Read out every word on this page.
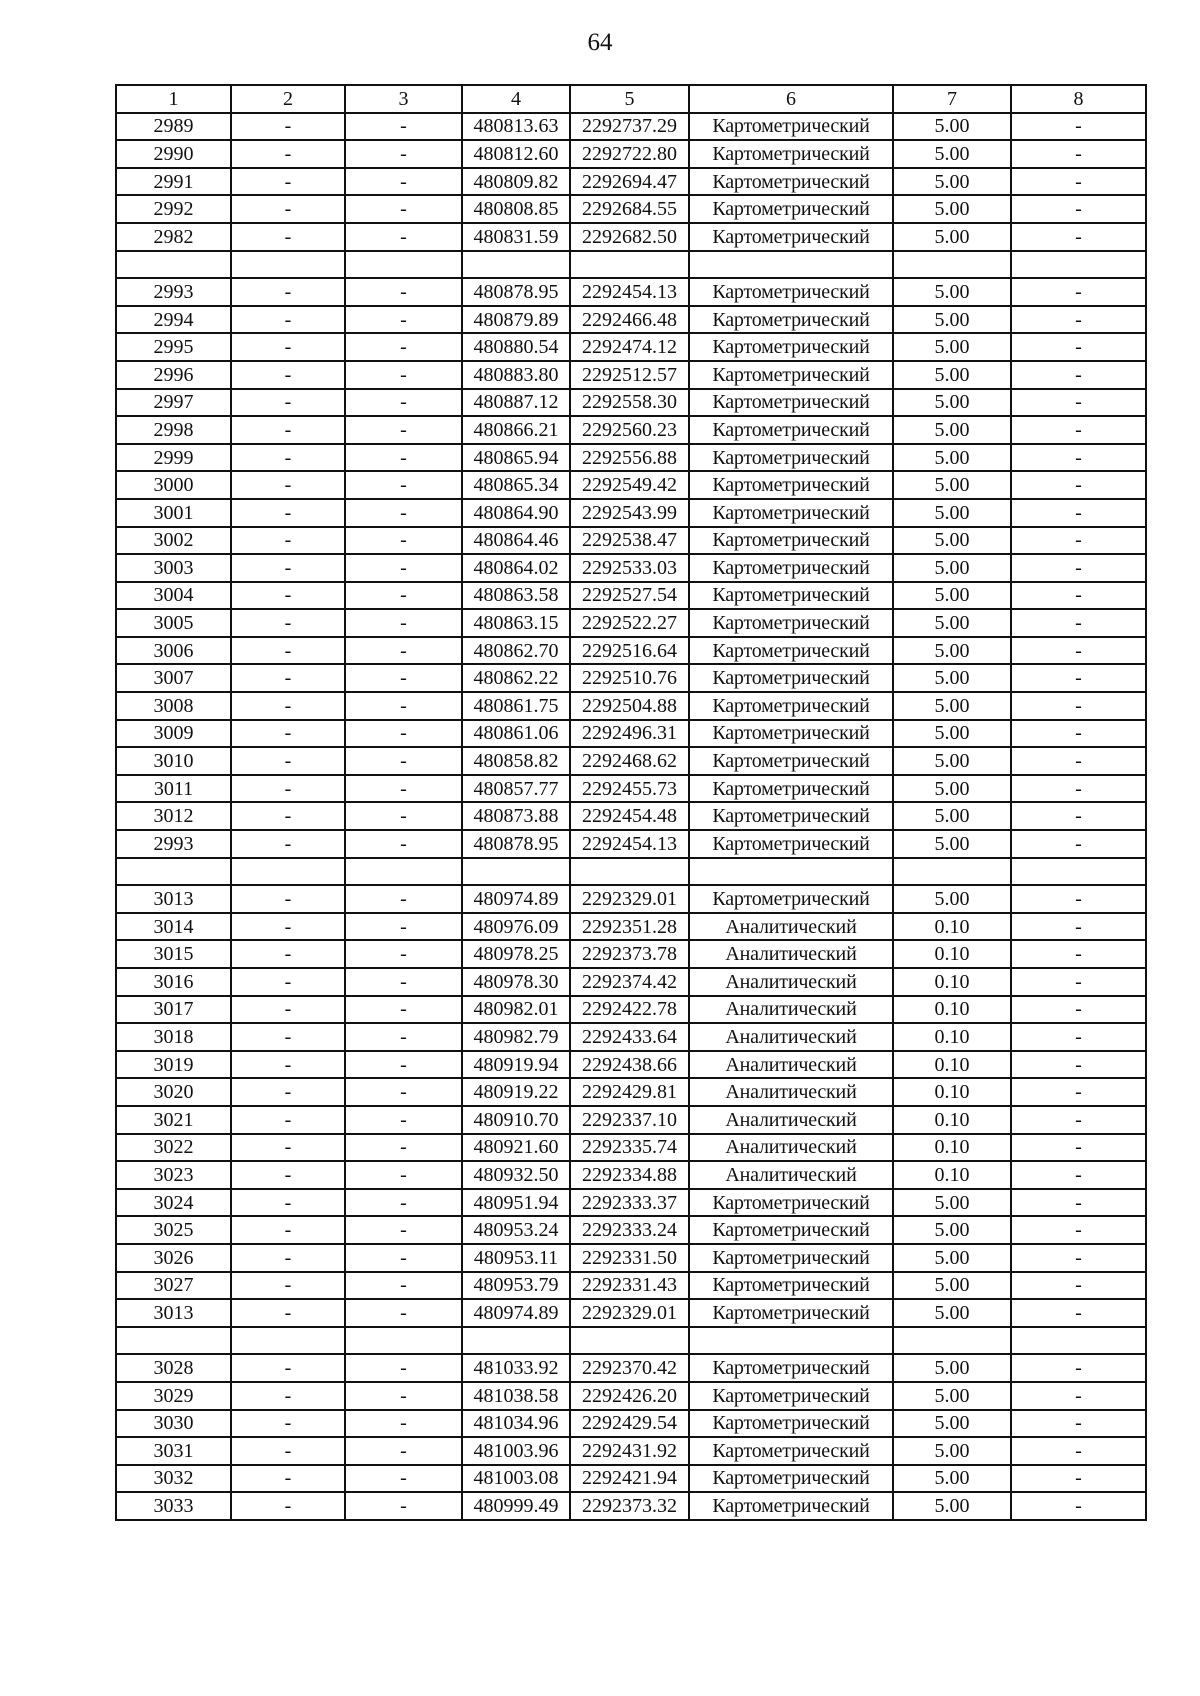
64
1	2	3	4	5	6	7	8
2989	-	-	480813.63	2292737.29	Картометрический	5.00	-
2990	-	-	480812.60	2292722.80	Картометрический	5.00	-
2991	-	-	480809.82	2292694.47	Картометрический	5.00	-
2992	-	-	480808.85	2292684.55	Картометрический	5.00	-
2982	-	-	480831.59	2292682.50	Картометрический	5.00	-

2993	-	-	480878.95	2292454.13	Картометрический	5.00	-
2994	-	-	480879.89	2292466.48	Картометрический	5.00	-
2995	-	-	480880.54	2292474.12	Картометрический	5.00	-
2996	-	-	480883.80	2292512.57	Картометрический	5.00	-
2997	-	-	480887.12	2292558.30	Картометрический	5.00	-
2998	-	-	480866.21	2292560.23	Картометрический	5.00	-
2999	-	-	480865.94	2292556.88	Картометрический	5.00	-
3000	-	-	480865.34	2292549.42	Картометрический	5.00	-
3001	-	-	480864.90	2292543.99	Картометрический	5.00	-
3002	-	-	480864.46	2292538.47	Картометрический	5.00	-
3003	-	-	480864.02	2292533.03	Картометрический	5.00	-
3004	-	-	480863.58	2292527.54	Картометрический	5.00	-
3005	-	-	480863.15	2292522.27	Картометрический	5.00	-
3006	-	-	480862.70	2292516.64	Картометрический	5.00	-
3007	-	-	480862.22	2292510.76	Картометрический	5.00	-
3008	-	-	480861.75	2292504.88	Картометрический	5.00	-
3009	-	-	480861.06	2292496.31	Картометрический	5.00	-
3010	-	-	480858.82	2292468.62	Картометрический	5.00	-
3011	-	-	480857.77	2292455.73	Картометрический	5.00	-
3012	-	-	480873.88	2292454.48	Картометрический	5.00	-
2993	-	-	480878.95	2292454.13	Картометрический	5.00	-

3013	-	-	480974.89	2292329.01	Картометрический	5.00	-
3014	-	-	480976.09	2292351.28	Аналитический	0.10	-
3015	-	-	480978.25	2292373.78	Аналитический	0.10	-
3016	-	-	480978.30	2292374.42	Аналитический	0.10	-
3017	-	-	480982.01	2292422.78	Аналитический	0.10	-
3018	-	-	480982.79	2292433.64	Аналитический	0.10	-
3019	-	-	480919.94	2292438.66	Аналитический	0.10	-
3020	-	-	480919.22	2292429.81	Аналитический	0.10	-
3021	-	-	480910.70	2292337.10	Аналитический	0.10	-
3022	-	-	480921.60	2292335.74	Аналитический	0.10	-
3023	-	-	480932.50	2292334.88	Аналитический	0.10	-
3024	-	-	480951.94	2292333.37	Картометрический	5.00	-
3025	-	-	480953.24	2292333.24	Картометрический	5.00	-
3026	-	-	480953.11	2292331.50	Картометрический	5.00	-
3027	-	-	480953.79	2292331.43	Картометрический	5.00	-
3013	-	-	480974.89	2292329.01	Картометрический	5.00	-

3028	-	-	481033.92	2292370.42	Картометрический	5.00	-
3029	-	-	481038.58	2292426.20	Картометрический	5.00	-
3030	-	-	481034.96	2292429.54	Картометрический	5.00	-
3031	-	-	481003.96	2292431.92	Картометрический	5.00	-
3032	-	-	481003.08	2292421.94	Картометрический	5.00	-
3033	-	-	480999.49	2292373.32	Картометрический	5.00	-
